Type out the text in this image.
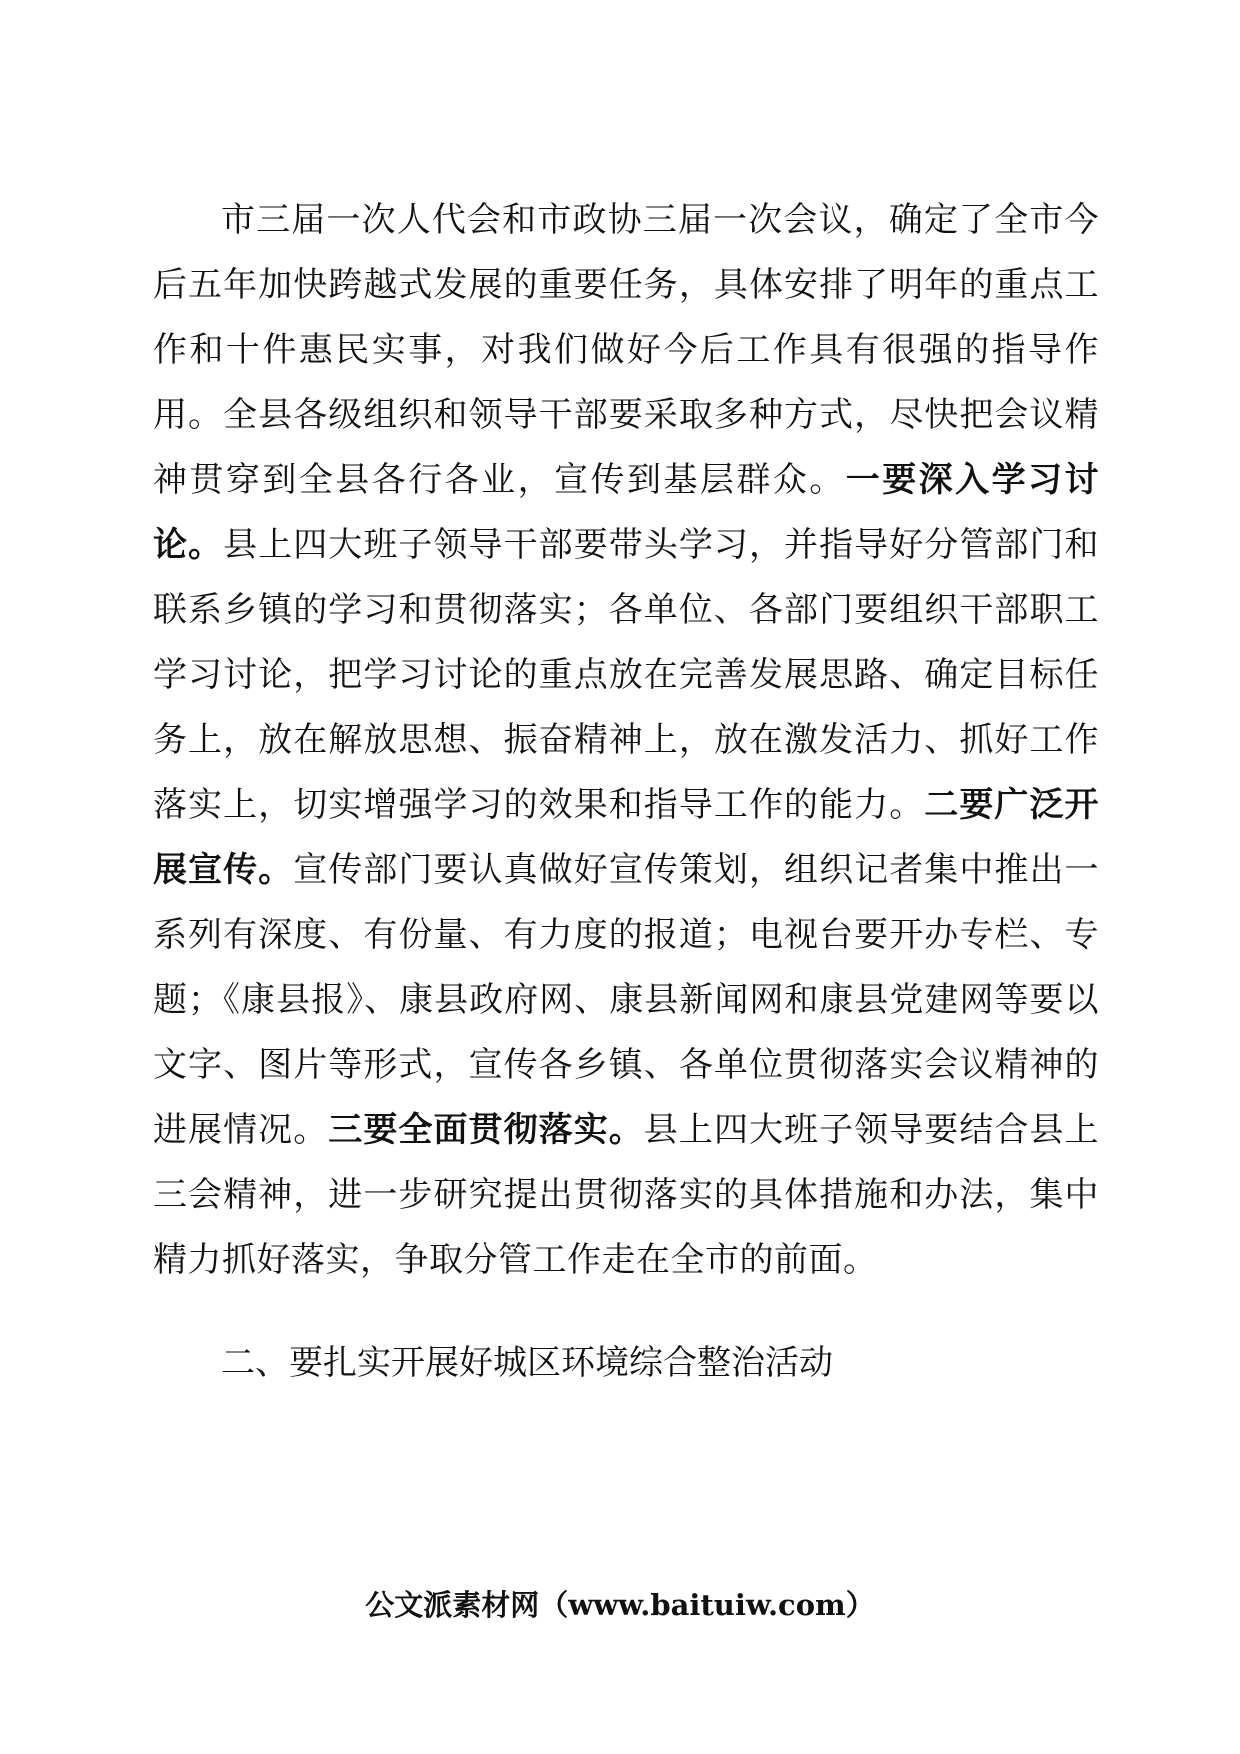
市三届一次人代会和市政协三届一次会议，确定了全市今后五年加快跨越式发展的重要任务，具体安排了明年的重点工作和十件惠民实事，对我们做好今后工作具有很强的指导作用。全县各级组织和领导干部要采取多种方式，尽快把会议精神贯穿到全县各行各业，宣传到基层群众。一要深入学习讨论。县上四大班子领导干部要带头学习，并指导好分管部门和联系乡镇的学习和贯彻落实；各单位、各部门要组织干部职工学习讨论，把学习讨论的重点放在完善发展思路、确定目标任务上，放在解放思想、振奋精神上，放在激发活力、抓好工作落实上，切实增强学习的效果和指导工作的能力。二要广泛开展宣传。宣传部门要认真做好宣传策划，组织记者集中推出一系列有深度、有份量、有力度的报道；电视台要开办专栏、专题；《康县报》、康县政府网、康县新闻网和康县党建网等要以文字、图片等形式，宣传各乡镇、各单位贯彻落实会议精神的进展情况。三要全面贯彻落实。县上四大班子领导要结合县上三会精神，进一步研究提出贯彻落实的具体措施和办法，集中精力抓好落实，争取分管工作走在全市的前面。

二、要扎实开展好城区环境综合整治活动

公文派素材网（www.baituiw.com）
